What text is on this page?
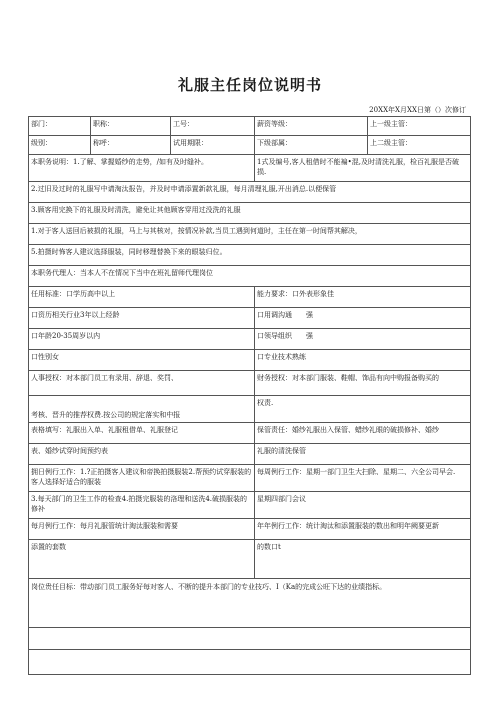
礼服主任岗位说明书
20XX年X月XX日第（）次修订
部门：	职称：	工号：	薪资等级：	上一级主管：
级别：	称呼：	试用期限：	下级部属：	上二级主管：
本职务说明：1.了解、掌握婚纱的走势，/如有及时缝补。			1式及编号,客人租借时不能褊•混,及时清洗礼服，检百礼服是否破损.	
2.过旧及过时的礼服写中请淘汰报告，并及时申请添置新款礼服，每月清理礼服,开出消总.以便保管				
3.顾客用完换下的礼服及时清洗，避免让其他顾客穿用过没洗的礼服				
1.对于客人送回后被损的礼服，马上与其核对，按情况补款,当员工遇到何道时，主任在第一时间帮其解决，				
5.拍摄时怖客人建议选择服装，同时移理替换下来的眼装归位。				
本职务代理人：当本人不在情况下当中在班礼留师代理岗位				
任用标准：口学历高中以上			能力要求：口外表形象佳	
口资历相关行业3年以上经龄			口用调沟通　　强	
口年龄20-35周岁以内			口领导组织　　强	
口性别女			口专业技术熟练	
人事授权：对本部门员工有录用、辞退、奖罚、			财务授权：对本部门服装、鞋帽、饰品有向中购报备购买的	
考核、晋升的推荐权费.按公司的规定落实和中报			权责.	
表格填写：礼服出入单、礼服租借单、礼服登记			保管责任：婚纱礼服出入保管、蜡纱礼眼的破损修补、婚纱	
表、婚纱试穿时间预约表			礼服的清洗保管	
拥日例行工作：1.?正拍摄客人建议和帝换拍摄服装2.帮预约试穿服装的客人选择好适合的服装			每周例行工作：星期一部门卫生大扫除、星期二、六全公司早会.	
3.每天部门的卫生工作的检查4.拍摄完服装的洛理和送洗4.破损服装的修补			星期四部门会议	
每月例行工作：每月礼服管统计淘汰服装和需要			年年例行工作：统计淘汰和添置服装的数出和明年阙要更新	
添置的套数			的数口t	
岗位贵任目标：带动部门员工服务好每对客人、不断的提升本部门的专业技巧、I（Ka的完成公旺下达的业绩指标。				
